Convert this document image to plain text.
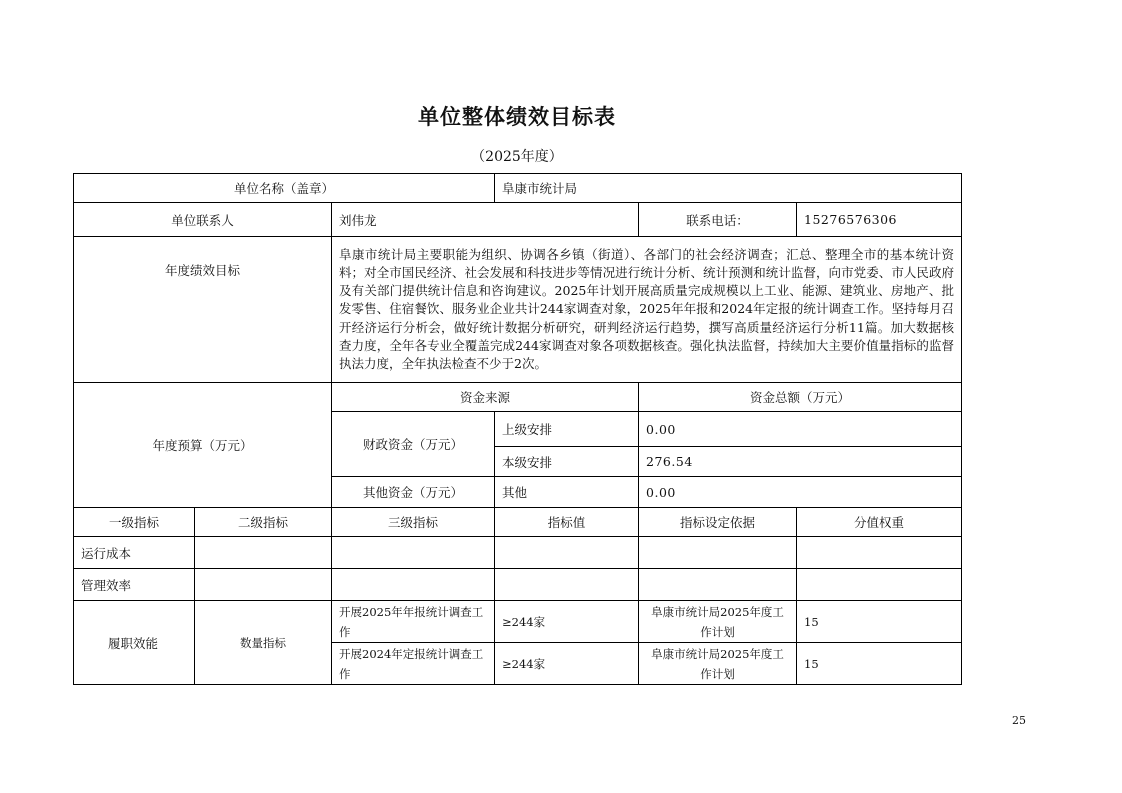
单位整体绩效目标表
（2025年度）
单位名称（盖章）			阜康市统计局		
单位联系人		刘伟龙		联系电话：	15276576306
年度绩效目标		阜康市统计局主要职能为组织、协调各乡镇（街道）、各部门的社会经济调查；汇总、整理全市的基本统计资料；对全市国民经济、社会发展和科技进步等情况进行统计分析、统计预测和统计监督，向市党委、市人民政府及有关部门提供统计信息和咨询建议。2025年计划开展高质量完成规模以上工业、能源、建筑业、房地产、批发零售、住宿餐饮、服务业企业共计244家调查对象，2025年年报和2024年定报的统计调查工作。坚持每月召开经济运行分析会，做好统计数据分析研究，研判经济运行趋势，撰写高质量经济运行分析11篇。加大数据核查力度，全年各专业全覆盖完成244家调查对象各项数据核查。强化执法监督，持续加大主要价值量指标的监督执法力度，全年执法检查不少于2次。			
年度预算（万元）		资金来源		资金总额（万元）	
		财政资金（万元）	上级安排	0.00	
			本级安排	276.54	
		其他资金（万元）	其他	0.00	
一级指标	二级指标	三级指标	指标值	指标设定依据	分值权重
运行成本					
管理效率					
履职效能	数量指标	开展2025年年报统计调查工作	≥244家	阜康市统计局2025年度工作计划	15
		开展2024年定报统计调查工作	≥244家	阜康市统计局2025年度工作计划	15
25
